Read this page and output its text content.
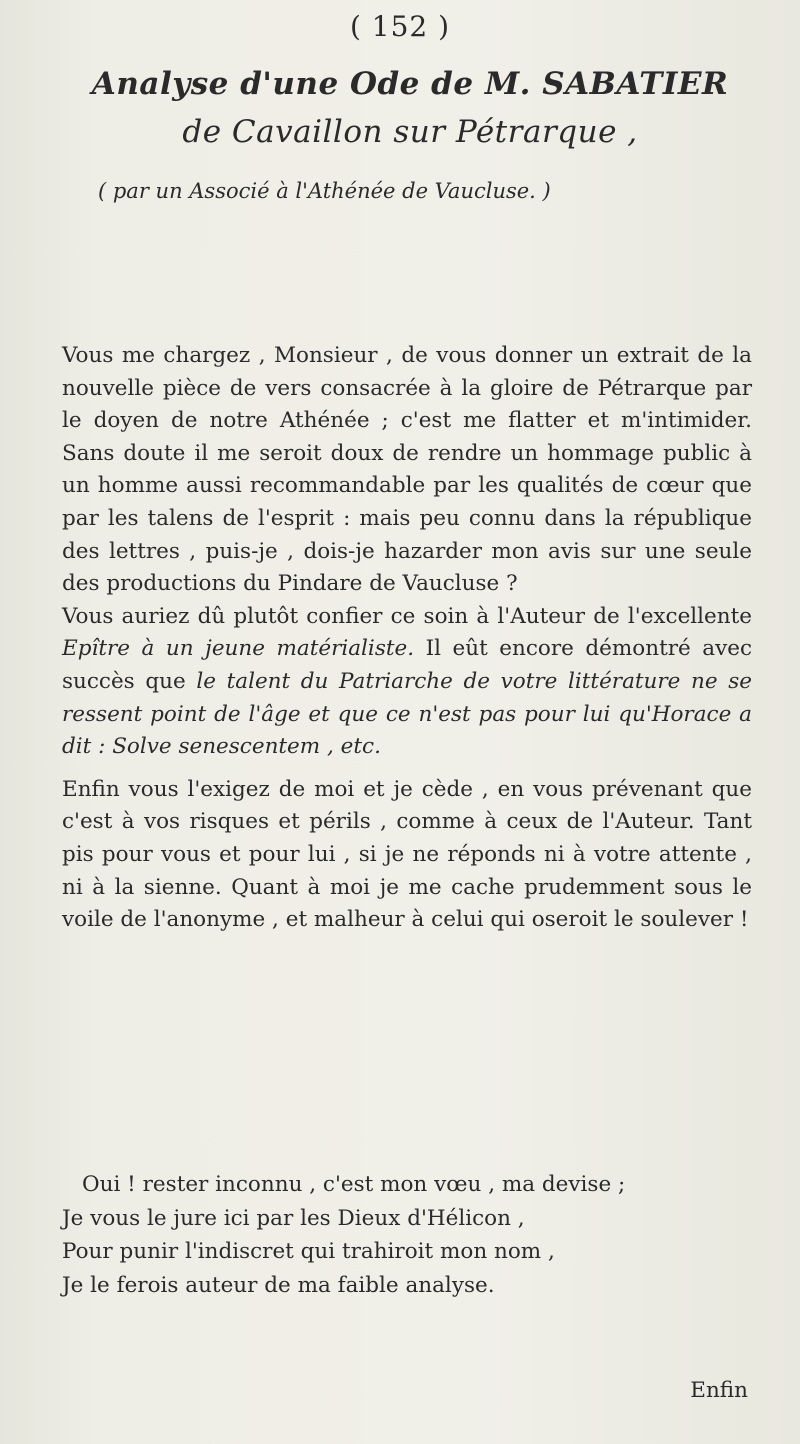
( 152 )
Analyse d'une Ode de M. SABATIER
de Cavaillon sur Pétrarque ,
( par un Associé à l'Athénée de Vaucluse. )

Vous me chargez , Monsieur , de vous donner un extrait de la nouvelle pièce de vers consacrée à la gloire de Pétrarque par le doyen de notre Athénée ; c'est me flatter et m'intimider. Sans doute il me seroit doux de rendre un hommage public à un homme aussi recommandable par les qualités de cœur que par les talens de l'esprit : mais peu connu dans la république des lettres , puis-je , dois-je hazarder mon avis sur une seule des productions du Pindare de Vaucluse ?

Vous auriez dû plutôt confier ce soin à l'Auteur de l'excellente Epître à un jeune matérialiste. Il eût encore démontré avec succès que le talent du Patriarche de votre littérature ne se ressent point de l'âge et que ce n'est pas pour lui qu'Horace a dit : Solve senescentem , etc.

Enfin vous l'exigez de moi et je cède , en vous prévenant que c'est à vos risques et périls , comme à ceux de l'Auteur. Tant pis pour vous et pour lui , si je ne réponds ni à votre attente , ni à la sienne. Quant à moi je me cache prudemment sous le voile de l'anonyme , et malheur à celui qui oseroit le soulever !

Oui ! rester inconnu , c'est mon vœu , ma devise ;
Je vous le jure ici par les Dieux d'Hélicon ,
Pour punir l'indiscret qui trahiroit mon nom ,
Je le ferois auteur de ma faible analyse.
Enfin
